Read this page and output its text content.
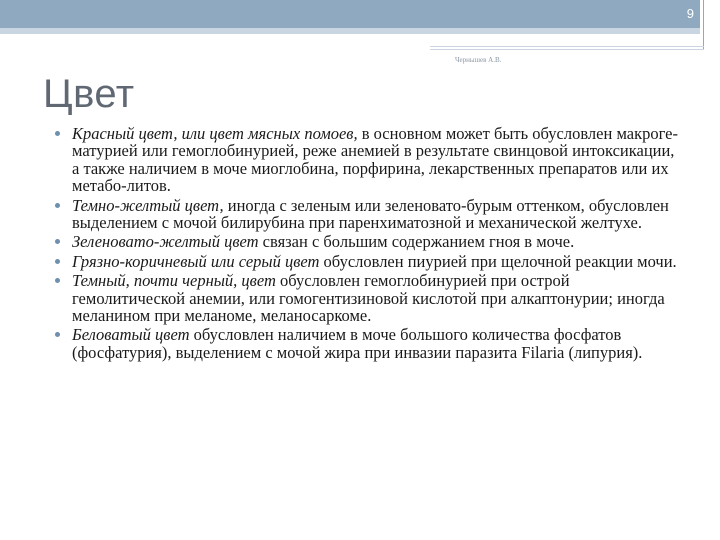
9
Чернышев А.В.
Цвет
Красный цвет, или цвет мясных помоев, в основном может быть обусловлен макроге-матурией или гемоглобинурией, реже анемией в результате свинцовой интоксикации, а также наличием в моче миоглобина, порфирина, лекарственных препаратов или их метабо-литов.
Темно-желтый цвет, иногда с зеленым или зеленовато-бурым оттенком, обусловлен выделением с мочой билирубина при паренхиматозной и механической желтухе.
Зеленовато-желтый цвет связан с большим содержанием гноя в моче.
Грязно-коричневый или серый цвет обусловлен пиурией при щелочной реакции мочи.
Темный, почти черный, цвет обусловлен гемоглобинурией при острой гемолитической анемии, или гомогентизиновой кислотой при алкаптонурии; иногда меланином при меланоме, меланосаркоме.
Беловатый цвет обусловлен наличием в моче большого количества фосфатов (фосфатурия), выделением с мочой жира при инвазии паразита Filaria (липурия).
